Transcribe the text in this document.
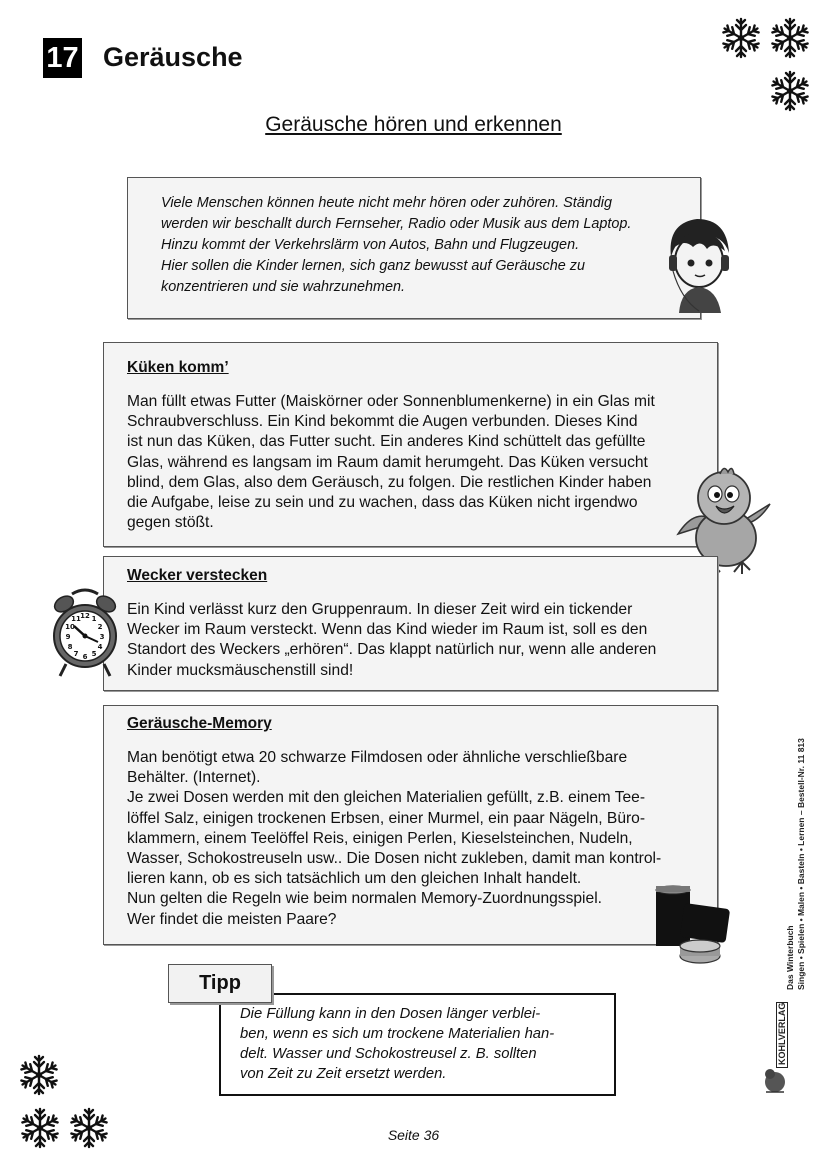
17 Geräusche
Geräusche hören und erkennen

Viele Menschen können heute nicht mehr hören oder zuhören. Ständig

werden wir beschallt durch Fernseher, Radio oder Musik aus dem Laptop.

Hinzu kommt der Verkehrslärm von Autos, Bahn und Flugzeugen.

Hier sollen die Kinder lernen, sich ganz bewusst auf Geräusche zu

konzentrieren und sie wahrzunehmen.

Küken komm’

Man füllt etwas Futter (Maiskörner oder Sonnenblumenkerne) in ein Glas mit

Schraubverschluss. Ein Kind bekommt die Augen verbunden. Dieses Kind

ist nun das Küken, das Futter sucht. Ein anderes Kind schüttelt das gefüllte

Glas, während es langsam im Raum damit herumgeht. Das Küken versucht

blind, dem Glas, also dem Geräusch, zu folgen. Die restlichen Kinder haben

die Aufgabe, leise zu sein und zu wachen, dass das Küken nicht irgendwo

gegen stößt.

Wecker verstecken

Ein Kind verlässt kurz den Gruppenraum. In dieser Zeit wird ein tickender

Wecker im Raum versteckt. Wenn das Kind wieder im Raum ist, soll es den

Standort des Weckers „erhören“. Das klappt natürlich nur, wenn alle anderen

Kinder mucksmäuschenstill sind!

12
3
6
9
1
2
4
5
7
8
10
11
Geräusche-Memory

Man benötigt etwa 20 schwarze Filmdosen oder ähnliche verschließbare

Behälter. (Internet).

Je zwei Dosen werden mit den gleichen Materialien gefüllt, z.B. einem Tee-

löffel Salz, einigen trockenen Erbsen, einer Murmel, ein paar Nägeln, Büro-

klammern, einem Teelöffel Reis, einigen Perlen, Kieselsteinchen, Nudeln,

Wasser, Schokostreuseln usw.. Die Dosen nicht zukleben, damit man kontrol-

lieren kann, ob es sich tatsächlich um den gleichen Inhalt handelt.

Nun gelten die Regeln wie beim normalen Memory-Zuordnungsspiel.

Wer findet die meisten Paare?

Tipp

Die Füllung kann in den Dosen länger verblei-

ben, wenn es sich um trockene Materialien han-

delt. Wasser und Schokostreusel z. B. sollten

von Zeit zu Zeit ersetzt werden.

Das Winterbuch Singen • Spielen • Malen • Basteln • Lernen – Bestell-Nr. 11 813
KOHLVERLAG
Seite 36
